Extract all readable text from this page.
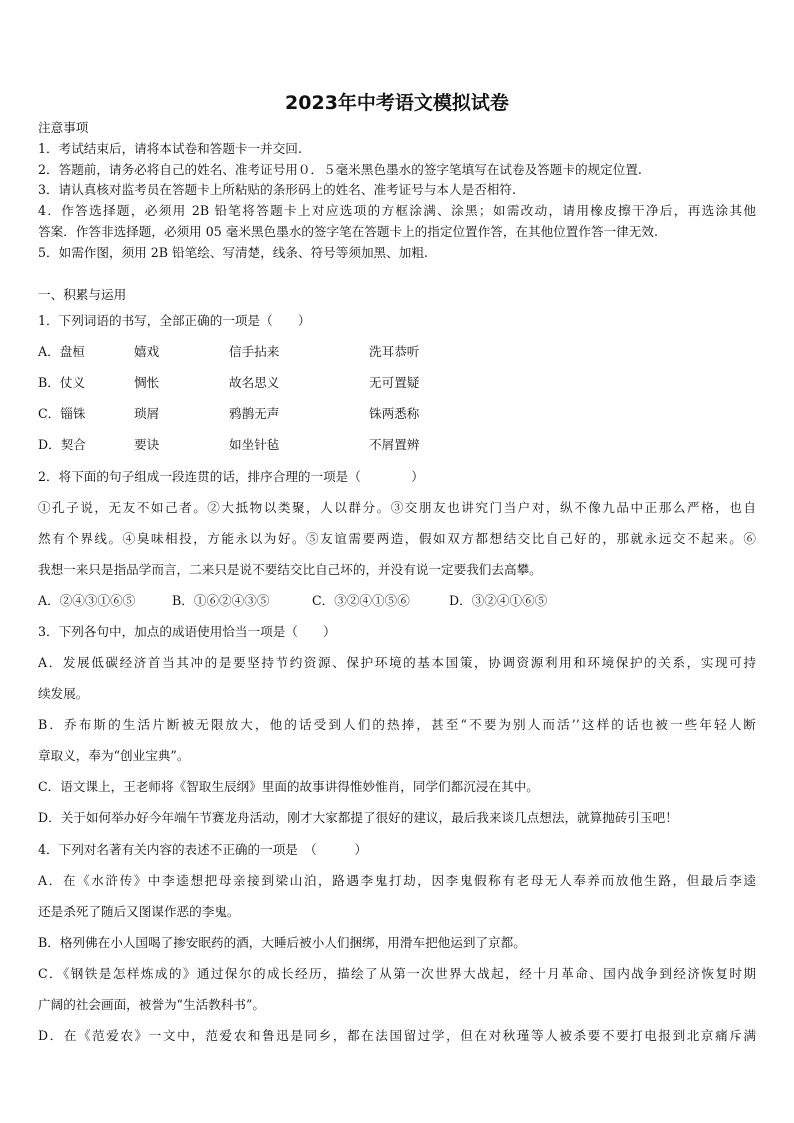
2023年中考语文模拟试卷
注意事项
1．考试结束后，请将本试卷和答题卡一并交回.
2．答题前，请务必将自己的姓名、准考证号用０．５毫米黑色墨水的签字笔填写在试卷及答题卡的规定位置.
3．请认真核对监考员在答题卡上所粘贴的条形码上的姓名、准考证号与本人是否相符.
4．作答选择题，必须用 2B 铅笔将答题卡上对应选项的方框涂满、涂黑；如需改动，请用橡皮擦干净后，再选涂其他
答案．作答非选择题，必须用 05 毫米黑色墨水的签字笔在答题卡上的指定位置作答，在其他位置作答一律无效.
5．如需作图，须用 2B 铅笔绘、写清楚，线条、符号等须加黑、加粗.
一、积累与运用
1．下列词语的书写，全部正确的一项是（　　）
A．盘桓	嬉戏	信手拈来	洗耳恭听
B．仗义	惆怅	故名思义	无可置疑
C．锱铢	琐屑	鸦鹊无声	铢两悉称
D．契合	要诀	如坐针毡	不屑置辨
2．将下面的句子组成一段连贯的话，排序合理的一项是（　　　　）
①孔子说，无友不如己者。②大抵物以类聚，人以群分。③交朋友也讲究门当户对，纵不像九品中正那么严格，也自
然有个界线。④臭味相投，方能永以为好。⑤友谊需要两造，假如双方都想结交比自己好的，那就永远交不起来。⑥
我想一来只是指品学而言，二来只是说不要结交比自己坏的，并没有说一定要我们去高攀。
A．②④③①⑥⑤	B．①⑥②④③⑤	C．③②④①⑤⑥	D．③②④①⑥⑤
3．下列各句中，加点的成语使用恰当一项是（　　）
A．发展低碳经济首当其冲的是要坚持节约资源、保护环境的基本国策，协调资源利用和环境保护的关系，实现可持
续发展。
B．乔布斯的生活片断被无限放大，他的话受到人们的热捧，甚至“不要为别人而活’’这样的话也被一些年轻人断
章取义，奉为“创业宝典”。
C．语文课上，王老师将《智取生辰纲》里面的故事讲得惟妙惟肖，同学们都沉浸在其中。
D．关于如何举办好今年端午节赛龙舟活动，刚才大家都提了很好的建议，最后我来谈几点想法，就算抛砖引玉吧！
4．下列对名著有关内容的表述不正确的一项是　（　　　）
A．在《水浒传》中李逵想把母亲接到梁山泊，路遇李鬼打劫，因李鬼假称有老母无人奉养而放他生路，但最后李逵
还是杀死了随后又图谋作恶的李鬼。
B．格列佛在小人国喝了掺安眠药的酒，大睡后被小人们捆绑，用滑车把他运到了京都。
C．《钢铁是怎样炼成的》通过保尔的成长经历，描绘了从第一次世界大战起，经十月革命、国内战争到经济恢复时期
广阔的社会画面，被誉为“生活教科书”。
D．在《范爱农》一文中，范爱农和鲁迅是同乡，都在法国留过学，但在对秋瑾等人被杀要不要打电报到北京痛斥满
